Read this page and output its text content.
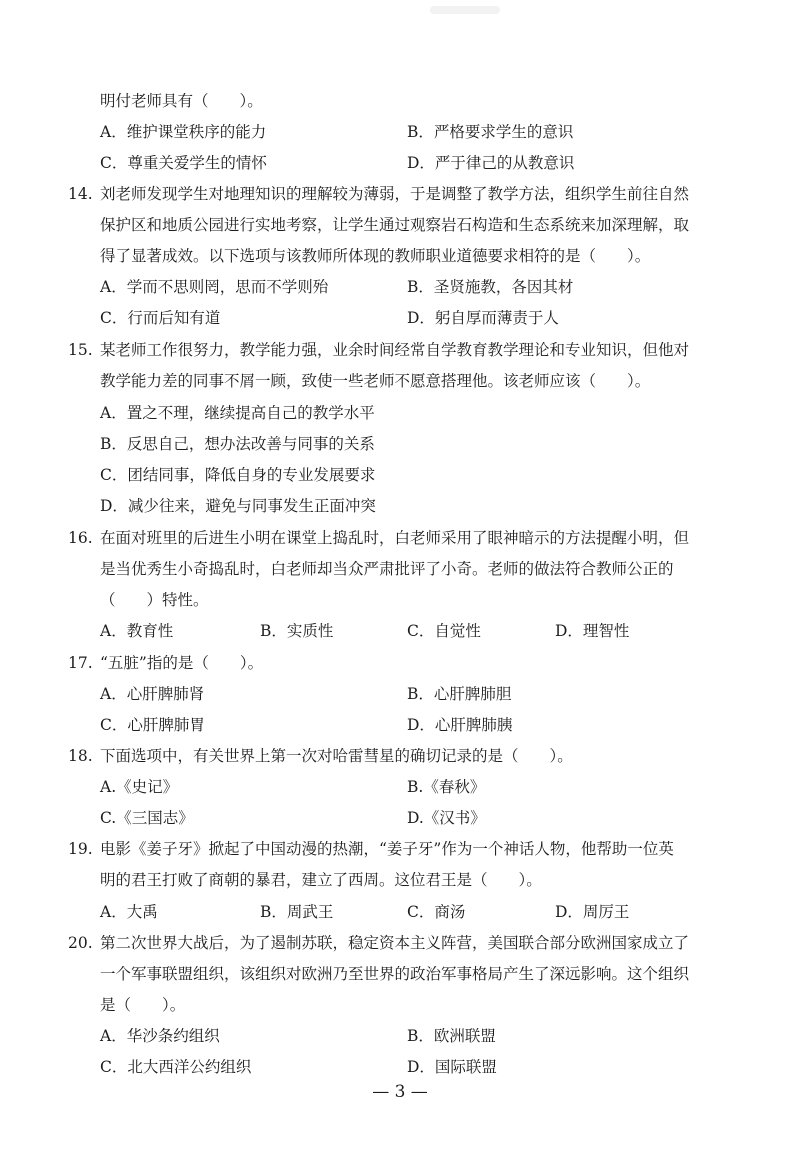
明付老师具有（　　）。
A．维护课堂秩序的能力	B．严格要求学生的意识
C．尊重关爱学生的情怀	D．严于律己的从教意识
14. 刘老师发现学生对地理知识的理解较为薄弱，于是调整了教学方法，组织学生前往自然
保护区和地质公园进行实地考察，让学生通过观察岩石构造和生态系统来加深理解，取
得了显著成效。以下选项与该教师所体现的教师职业道德要求相符的是（　　）。
A．学而不思则罔，思而不学则殆	B．圣贤施教，各因其材
C．行而后知有道	D．躬自厚而薄责于人
15. 某老师工作很努力，教学能力强，业余时间经常自学教育教学理论和专业知识，但他对
教学能力差的同事不屑一顾，致使一些老师不愿意搭理他。该老师应该（　　）。
A．置之不理，继续提高自己的教学水平
B．反思自己，想办法改善与同事的关系
C．团结同事，降低自身的专业发展要求
D．减少往来，避免与同事发生正面冲突
16. 在面对班里的后进生小明在课堂上捣乱时，白老师采用了眼神暗示的方法提醒小明，但
是当优秀生小奇捣乱时，白老师却当众严肃批评了小奇。老师的做法符合教师公正的
（　　）特性。
A．教育性	B．实质性	C．自觉性	D．理智性
17. “五脏”指的是（　　）。
A．心肝脾肺肾	B．心肝脾肺胆
C．心肝脾肺胃	D．心肝脾肺胰
18. 下面选项中，有关世界上第一次对哈雷彗星的确切记录的是（　　）。
A.《史记》	B.《春秋》
C.《三国志》	D.《汉书》
19. 电影《姜子牙》掀起了中国动漫的热潮，“姜子牙”作为一个神话人物，他帮助一位英
明的君王打败了商朝的暴君，建立了西周。这位君王是（　　）。
A．大禹	B．周武王	C．商汤	D．周厉王
20. 第二次世界大战后，为了遏制苏联，稳定资本主义阵营，美国联合部分欧洲国家成立了
一个军事联盟组织，该组织对欧洲乃至世界的政治军事格局产生了深远影响。这个组织
是（　　）。
A．华沙条约组织	B．欧洲联盟
C．北大西洋公约组织	D．国际联盟
— 3 —
